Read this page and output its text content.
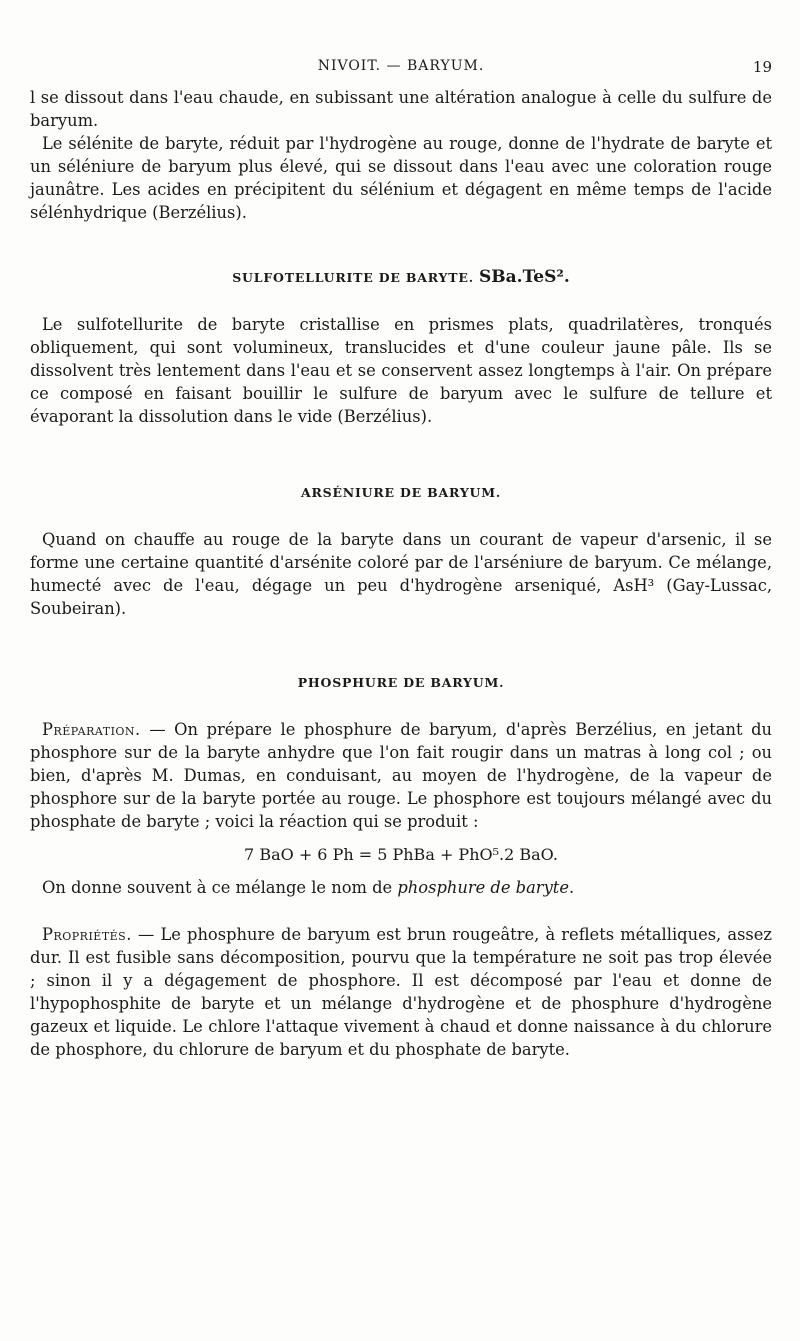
NIVOIT. — BARYUM.	19

l se dissout dans l'eau chaude, en subissant une altération analogue à celle du sulfure de baryum.

Le sélénite de baryte, réduit par l'hydrogène au rouge, donne de l'hydrate de baryte et un séléniure de baryum plus élevé, qui se dissout dans l'eau avec une coloration rouge jaunâtre. Les acides en précipitent du sélénium et dégagent en même temps de l'acide sélénhydrique (Berzélius).

SULFOTELLURITE DE BARYTE. SBa.TeS².

Le sulfotellurite de baryte cristallise en prismes plats, quadrilatères, tronqués obliquement, qui sont volumineux, translucides et d'une couleur jaune pâle. Ils se dissolvent très lentement dans l'eau et se conservent assez longtemps à l'air. On prépare ce composé en faisant bouillir le sulfure de baryum avec le sulfure de tellure et évaporant la dissolution dans le vide (Berzélius).

ARSÉNIURE DE BARYUM.

Quand on chauffe au rouge de la baryte dans un courant de vapeur d'arsenic, il se forme une certaine quantité d'arsénite coloré par de l'arséniure de baryum. Ce mélange, humecté avec de l'eau, dégage un peu d'hydrogène arseniqué, AsH³ (Gay-Lussac, Soubeiran).

PHOSPHURE DE BARYUM.

Préparation. — On prépare le phosphure de baryum, d'après Berzélius, en jetant du phosphore sur de la baryte anhydre que l'on fait rougir dans un matras à long col ; ou bien, d'après M. Dumas, en conduisant, au moyen de l'hydrogène, de la vapeur de phosphore sur de la baryte portée au rouge. Le phosphore est toujours mélangé avec du phosphate de baryte ; voici la réaction qui se produit :

7 BaO + 6 Ph = 5 PhBa + PhO⁵.2 BaO.

On donne souvent à ce mélange le nom de phosphure de baryte.

Propriétés. — Le phosphure de baryum est brun rougeâtre, à reflets métalliques, assez dur. Il est fusible sans décomposition, pourvu que la température ne soit pas trop élevée ; sinon il y a dégagement de phosphore. Il est décomposé par l'eau et donne de l'hypophosphite de baryte et un mélange d'hydrogène et de phosphure d'hydrogène gazeux et liquide. Le chlore l'attaque vivement à chaud et donne naissance à du chlorure de phosphore, du chlorure de baryum et du phosphate de baryte.
